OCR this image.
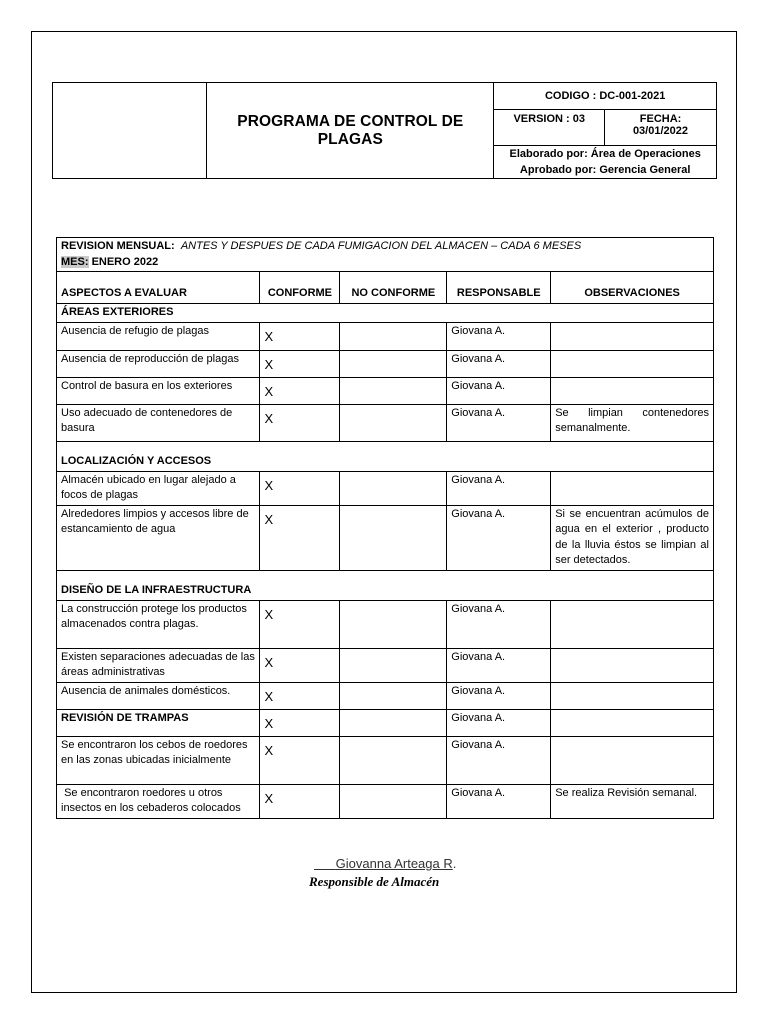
	PROGRAMA DE CONTROL DE PLAGAS	CODIGO : DC-001-2021	
		VERSION : 03	FECHA:
03/01/2022

		Elaborado por: Área de Operaciones
Aprobado por: Gerencia General	
REVISION MENSUAL: ANTES Y DESPUES DE CADA FUMIGACION DEL ALMACEN – CADA 6 MESES
MES: ENERO 2022				

ASPECTOS A EVALUAR	CONFORME	NO CONFORME	RESPONSABLE	OBSERVACIONES
ÁREAS EXTERIORES				
Ausencia de refugio de plagas	X		Giovana A.	
Ausencia de reproducción de plagas	X		Giovana A.	
Control de basura en los exteriores	X		Giovana A.	
Uso adecuado de contenedores de basura	X		Giovana A.	Se limpian contenedores semanalmente.
LOCALIZACIÓN Y ACCESOS				
Almacén ubicado en lugar alejado a focos de plagas	X		Giovana A.	
Alrededores limpios y accesos libre de estancamiento de agua	X		Giovana A.	Si se encuentran acúmulos de agua en el exterior , producto de la lluvia éstos se limpian al ser detectados.
DISEÑO DE LA INFRAESTRUCTURA				
La construcción protege los productos almacenados contra plagas.	X		Giovana A.	
Existen separaciones adecuadas de las áreas administrativas	X		Giovana A.	
Ausencia de animales domésticos.	X		Giovana A.	
REVISIÓN DE TRAMPAS	X		Giovana A.	
Se encontraron los cebos de roedores en las zonas ubicadas inicialmente	X		Giovana A.	
Se encontraron roedores u otros insectos en los cebaderos colocados	X		Giovana A.	Se realiza Revisión semanal.
Giovanna Arteaga R.
Responsible de Almacén
